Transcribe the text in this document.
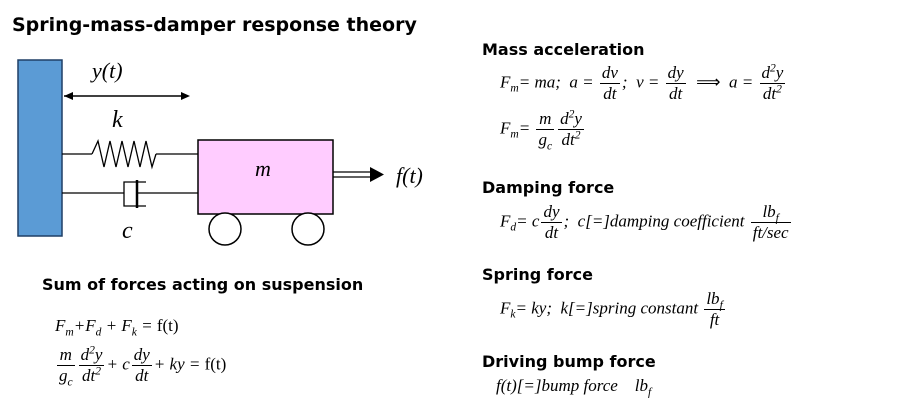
Spring-mass-damper response theory
y(t)
k
c
m	f(t)
Sum of forces acting on suspension
$F_m+F_d + F_k = f(t)$
$\frac{m}{g_c} \frac{d^2y}{dt^2} + c \frac{dy}{dt}$ + ky = f(t)
Mass acceleration
$F_m=$ ma;  $a = \frac{dv}{dt}$ ;  $v = \frac{dy}{dt}$ ⟹  $a = \frac{d^2y}{dt^2}$
$F_m= \frac{m}{g_c} \frac{d^2y}{dt^2}$
Damping force
$F_d= c \frac{dy}{dt}$ ;  c[=]damping coefficient $\frac{lb_f}{ft/\sec}$
Spring force
$F_k=$ ky;  k[=]spring constant $\frac{lb_f}{ft}$
Driving bump force
f(t)[=]bump force    $lb_f$
